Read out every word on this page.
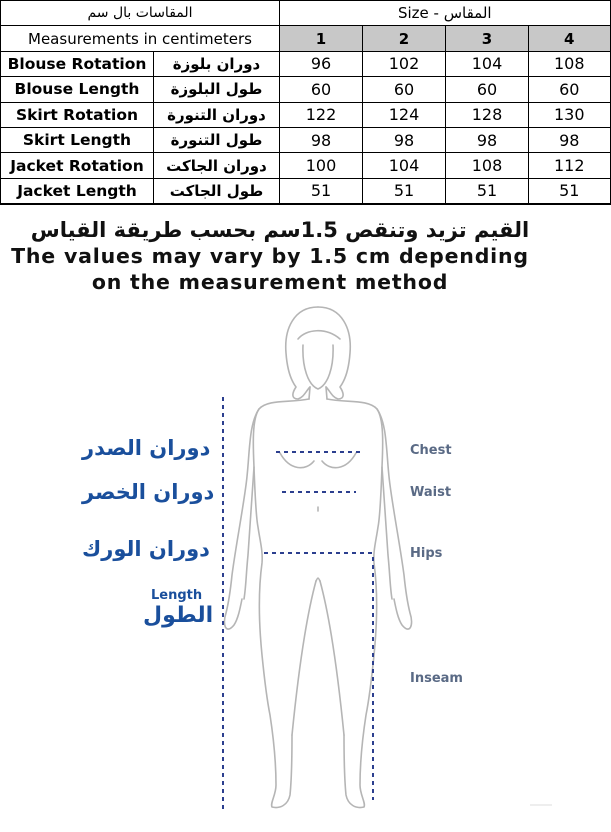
المقاسات بال سم		Size - المقاس			
Measurements in centimeters		1	2	3	4
Blouse Rotation	دوران بلوزة	96	102	104	108
Blouse Length	طول البلوزة	60	60	60	60
Skirt Rotation	دوران التنورة	122	124	128	130
Skirt Length	طول التنورة	98	98	98	98
Jacket Rotation	دوران الجاكت	100	104	108	112
Jacket Length	طول الجاكت	51	51	51	51
القيم تزيد وتنقص 1.5سم بحسب طريقة القياس
The values may vary by 1.5 cm depending
on the measurement method
دوران الصدر
دوران الخصر
دوران الورك
Length
الطول
Chest
Waist
Hips
Inseam
